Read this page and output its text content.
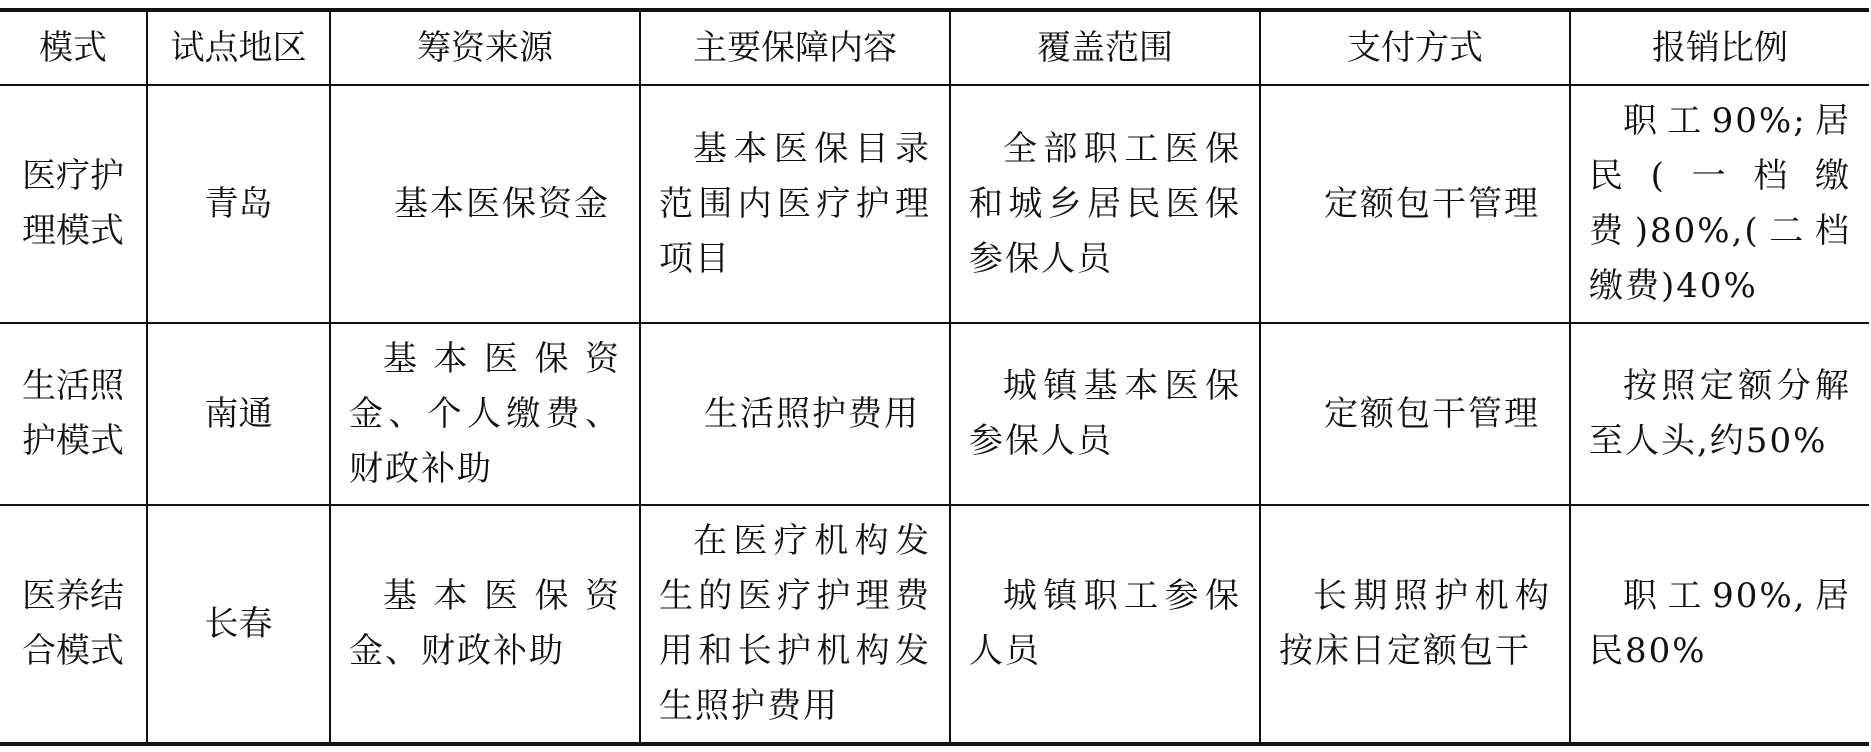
模式	试点地区	筹资来源	主要保障内容	覆盖范围	支付方式	报销比例
医疗护理模式	青岛	基本医保资金	基本医保目录范围内医疗护理项目	全部职工医保和城乡居民医保参保人员	定额包干管理	职工90%;居民(一档缴费)80%,(二档缴费)40%
生活照护模式	南通	基本医保资金、个人缴费、财政补助	生活照护费用	城镇基本医保参保人员	定额包干管理	按照定额分解至人头,约50%
医养结合模式	长春	基本医保资金、财政补助	在医疗机构发生的医疗护理费用和长护机构发生照护费用	城镇职工参保人员	长期照护机构按床日定额包干	职工90%,居民80%
